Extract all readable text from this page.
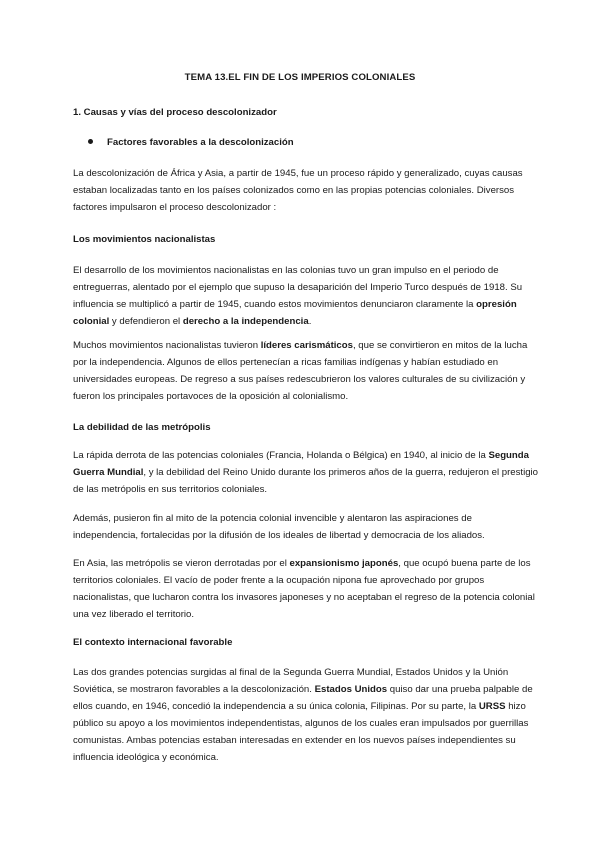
TEMA 13.EL FIN DE LOS IMPERIOS COLONIALES
1. Causas y vías del proceso descolonizador
Factores favorables a la descolonización
La descolonización de África y Asia, a partir de 1945, fue un proceso rápido y generalizado, cuyas causas estaban localizadas tanto en los países colonizados como en las propias potencias coloniales. Diversos factores impulsaron el proceso descolonizador :
Los movimientos nacionalistas
El desarrollo de los movimientos nacionalistas en las colonias tuvo un gran impulso en el periodo de entreguerras, alentado por el ejemplo que supuso la desaparición del Imperio Turco después de 1918. Su influencia se multiplicó a partir de 1945, cuando estos movimientos denunciaron claramente la opresión colonial y defendieron el derecho a la independencia.
Muchos movimientos nacionalistas tuvieron líderes carismáticos, que se convirtieron en mitos de la lucha por la independencia. Algunos de ellos pertenecían a ricas familias indígenas y habían estudiado en universidades europeas. De regreso a sus países redescubrieron los valores culturales de su civilización y fueron los principales portavoces de la oposición al colonialismo.
La debilidad de las metrópolis
La rápida derrota de las potencias coloniales (Francia, Holanda o Bélgica) en 1940, al inicio de la Segunda Guerra Mundial, y la debilidad del Reino Unido durante los primeros años de la guerra, redujeron el prestigio de las metrópolis en sus territorios coloniales.
Además, pusieron fin al mito de la potencia colonial invencible y alentaron las aspiraciones de independencia, fortalecidas por la difusión de los ideales de libertad y democracia de los aliados.
En Asia, las metrópolis se vieron derrotadas por el expansionismo japonés, que ocupó buena parte de los territorios coloniales. El vacío de poder frente a la ocupación nipona fue aprovechado por grupos nacionalistas, que lucharon contra los invasores japoneses y no aceptaban el regreso de la potencia colonial una vez liberado el territorio.
El contexto internacional favorable
Las dos grandes potencias surgidas al final de la Segunda Guerra Mundial, Estados Unidos y la Unión Soviética, se mostraron favorables a la descolonización. Estados Unidos quiso dar una prueba palpable de ellos cuando, en 1946, concedió la independencia a su única colonia, Filipinas. Por su parte, la URSS hizo público su apoyo a los movimientos independentistas, algunos de los cuales eran impulsados por guerrillas comunistas. Ambas potencias estaban interesadas en extender en los nuevos países independientes su influencia ideológica y económica.
